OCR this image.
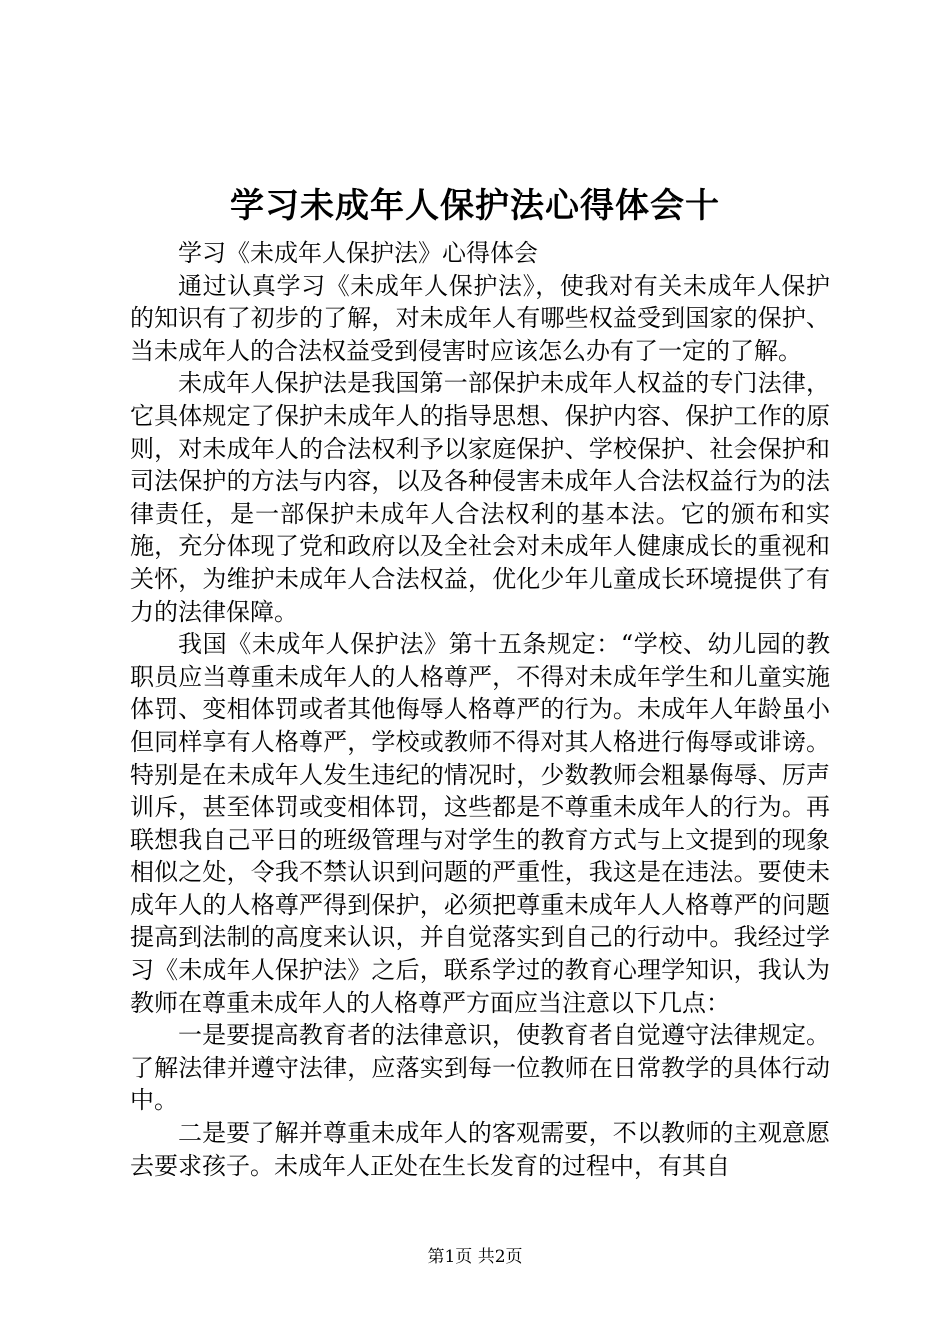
学习未成年人保护法心得体会十

学习《未成年人保护法》心得体会

通过认真学习《未成年人保护法》，使我对有关未成年人保护的知识有了初步的了解，对未成年人有哪些权益受到国家的保护、当未成年人的合法权益受到侵害时应该怎么办有了一定的了解。

未成年人保护法是我国第一部保护未成年人权益的专门法律，它具体规定了保护未成年人的指导思想、保护内容、保护工作的原则，对未成年人的合法权利予以家庭保护、学校保护、社会保护和司法保护的方法与内容，以及各种侵害未成年人合法权益行为的法律责任，是一部保护未成年人合法权利的基本法。它的颁布和实施，充分体现了党和政府以及全社会对未成年人健康成长的重视和关怀，为维护未成年人合法权益，优化少年儿童成长环境提供了有力的法律保障。

我国《未成年人保护法》第十五条规定：“学校、幼儿园的教职员应当尊重未成年人的人格尊严，不得对未成年学生和儿童实施体罚、变相体罚或者其他侮辱人格尊严的行为。未成年人年龄虽小但同样享有人格尊严，学校或教师不得对其人格进行侮辱或诽谤。特别是在未成年人发生违纪的情况时，少数教师会粗暴侮辱、厉声训斥，甚至体罚或变相体罚，这些都是不尊重未成年人的行为。再联想我自己平日的班级管理与对学生的教育方式与上文提到的现象相似之处，令我不禁认识到问题的严重性，我这是在违法。要使未成年人的人格尊严得到保护，必须把尊重未成年人人格尊严的问题提高到法制的高度来认识，并自觉落实到自己的行动中。我经过学习《未成年人保护法》之后，联系学过的教育心理学知识，我认为教师在尊重未成年人的人格尊严方面应当注意以下几点：

一是要提高教育者的法律意识，使教育者自觉遵守法律规定。了解法律并遵守法律，应落实到每一位教师在日常教学的具体行动中。

二是要了解并尊重未成年人的客观需要，不以教师的主观意愿去要求孩子。未成年人正处在生长发育的过程中，有其自

第1页 共2页
